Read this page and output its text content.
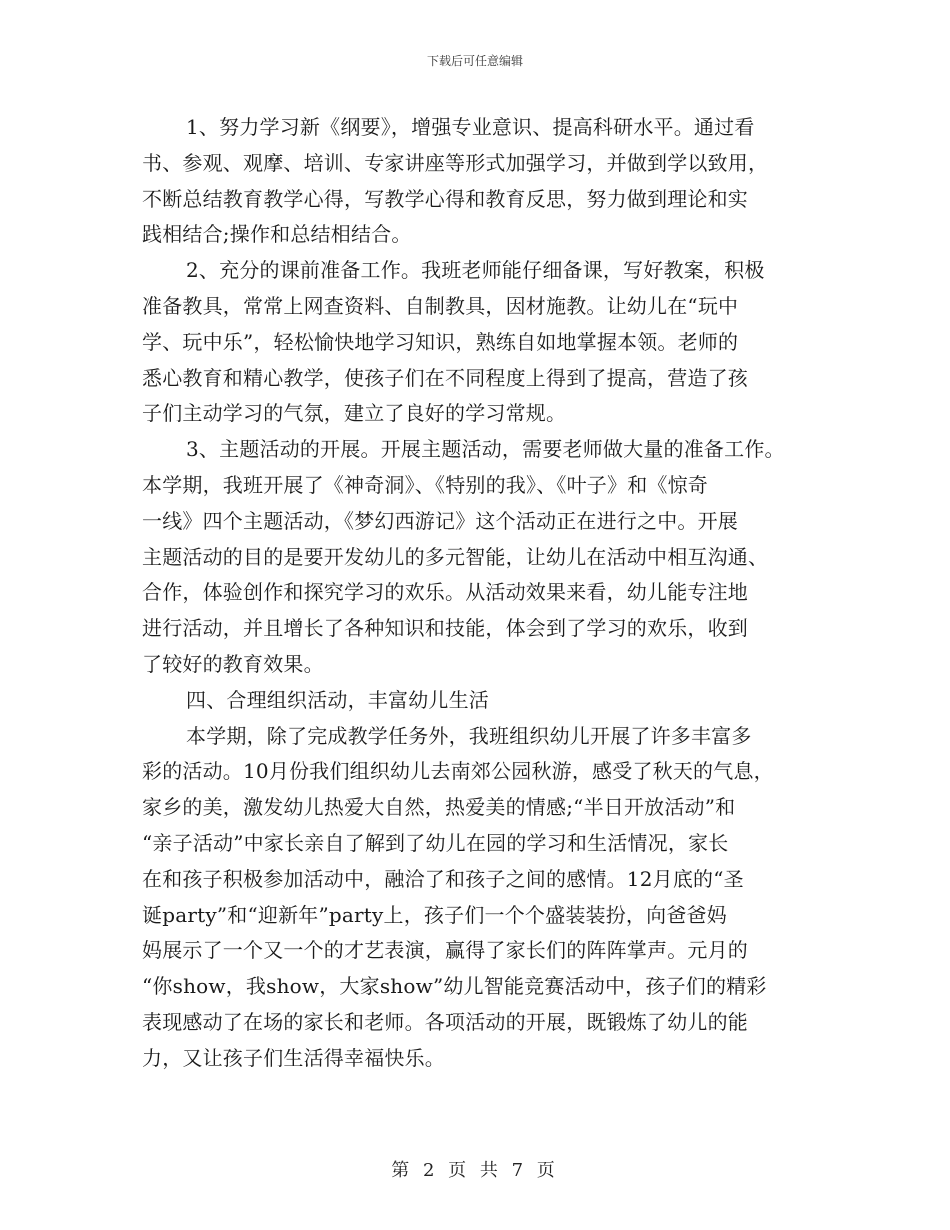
下载后可任意编辑
1、努力学习新《纲要》，增强专业意识、提高科研水平。通过看
书、参观、观摩、培训、专家讲座等形式加强学习，并做到学以致用，
不断总结教育教学心得，写教学心得和教育反思，努力做到理论和实
践相结合;操作和总结相结合。
2、充分的课前准备工作。我班老师能仔细备课，写好教案，积极
准备教具，常常上网查资料、自制教具，因材施教。让幼儿在“玩中
学、玩中乐”，轻松愉快地学习知识，熟练自如地掌握本领。老师的
悉心教育和精心教学，使孩子们在不同程度上得到了提高，营造了孩
子们主动学习的气氛，建立了良好的学习常规。
3、主题活动的开展。开展主题活动，需要老师做大量的准备工作。
本学期，我班开展了《神奇洞》、《特别的我》、《叶子》和《惊奇
一线》四个主题活动，《梦幻西游记》这个活动正在进行之中。开展
主题活动的目的是要开发幼儿的多元智能，让幼儿在活动中相互沟通、
合作，体验创作和探究学习的欢乐。从活动效果来看，幼儿能专注地
进行活动，并且增长了各种知识和技能，体会到了学习的欢乐，收到
了较好的教育效果。
四、合理组织活动，丰富幼儿生活
本学期，除了完成教学任务外，我班组织幼儿开展了许多丰富多
彩的活动。10月份我们组织幼儿去南郊公园秋游，感受了秋天的气息，
家乡的美，激发幼儿热爱大自然，热爱美的情感;“半日开放活动”和
“亲子活动”中家长亲自了解到了幼儿在园的学习和生活情况，家长
在和孩子积极参加活动中，融洽了和孩子之间的感情。12月底的“圣
诞party”和“迎新年”party上，孩子们一个个盛装装扮，向爸爸妈
妈展示了一个又一个的才艺表演，赢得了家长们的阵阵掌声。元月的
“你show，我show，大家show”幼儿智能竞赛活动中，孩子们的精彩
表现感动了在场的家长和老师。各项活动的开展，既锻炼了幼儿的能
力，又让孩子们生活得幸福快乐。
第 2 页 共 7 页
